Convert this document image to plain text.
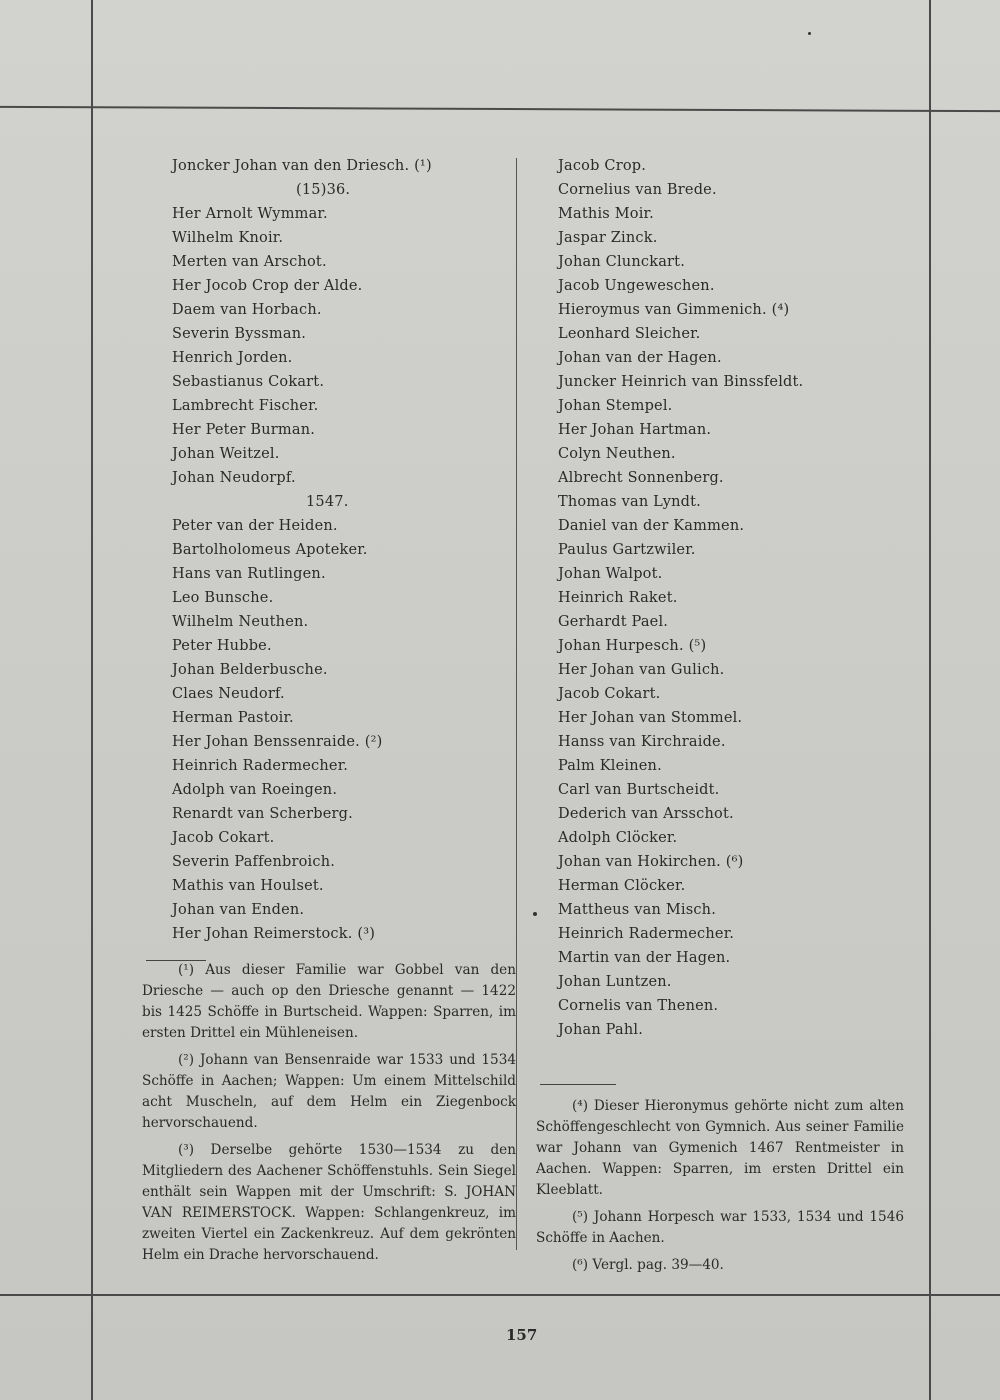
Joncker Johan van den Driesch. (¹)
(15)36.
Her Arnolt Wymmar.
Wilhelm Knoir.
Merten van Arschot.
Her Jocob Crop der Alde.
Daem van Horbach.
Severin Byssman.
Henrich Jorden.
Sebastianus Cokart.
Lambrecht Fischer.
Her Peter Burman.
Johan Weitzel.
Johan Neudorpf.
1547.
Peter van der Heiden.
Bartolholomeus Apoteker.
Hans van Rutlingen.
Leo Bunsche.
Wilhelm Neuthen.
Peter Hubbe.
Johan Belderbusche.
Claes Neudorf.
Herman Pastoir.
Her Johan Benssenraide. (²)
Heinrich Radermecher.
Adolph van Roeingen.
Renardt van Scherberg.
Jacob Cokart.
Severin Paffenbroich.
Mathis van Houlset.
Johan van Enden.
Her Johan Reimerstock. (³)
Jacob Crop.
Cornelius van Brede.
Mathis Moir.
Jaspar Zinck.
Johan Clunckart.
Jacob Ungeweschen.
Hieroymus van Gimmenich. (⁴)
Leonhard Sleicher.
Johan van der Hagen.
Juncker Heinrich van Binssfeldt.
Johan Stempel.
Her Johan Hartman.
Colyn Neuthen.
Albrecht Sonnenberg.
Thomas van Lyndt.
Daniel van der Kammen.
Paulus Gartzwiler.
Johan Walpot.
Heinrich Raket.
Gerhardt Pael.
Johan Hurpesch. (⁵)
Her Johan van Gulich.
Jacob Cokart.
Her Johan van Stommel.
Hanss van Kirchraide.
Palm Kleinen.
Carl van Burtscheidt.
Dederich van Arsschot.
Adolph Clöcker.
Johan van Hokirchen. (⁶)
Herman Clöcker.
Mattheus van Misch.
Heinrich Radermecher.
Martin van der Hagen.
Johan Luntzen.
Cornelis van Thenen.
Johan Pahl.

(¹) Aus dieser Familie war Gobbel van den Driesche — auch op den Driesche genannt — 1422 bis 1425 Schöffe in Burtscheid. Wappen: Sparren, im ersten Drittel ein Mühleneisen.

(²) Johann van Bensenraide war 1533 und 1534 Schöffe in Aachen; Wappen: Um einem Mittelschild acht Muscheln, auf dem Helm ein Ziegenbock hervorschauend.

(³) Derselbe gehörte 1530—1534 zu den Mitgliedern des Aachener Schöffenstuhls. Sein Siegel enthält sein Wappen mit der Umschrift: S. JOHAN VAN REIMERSTOCK. Wappen: Schlangenkreuz, im zweiten Viertel ein Zackenkreuz. Auf dem gekrönten Helm ein Drache hervorschauend.

(⁴) Dieser Hieronymus gehörte nicht zum alten Schöffengeschlecht von Gymnich. Aus seiner Familie war Johann van Gymenich 1467 Rentmeister in Aachen. Wappen: Sparren, im ersten Drittel ein Kleeblatt.

(⁵) Johann Horpesch war 1533, 1534 und 1546 Schöffe in Aachen.

(⁶) Vergl. pag. 39—40.

157
